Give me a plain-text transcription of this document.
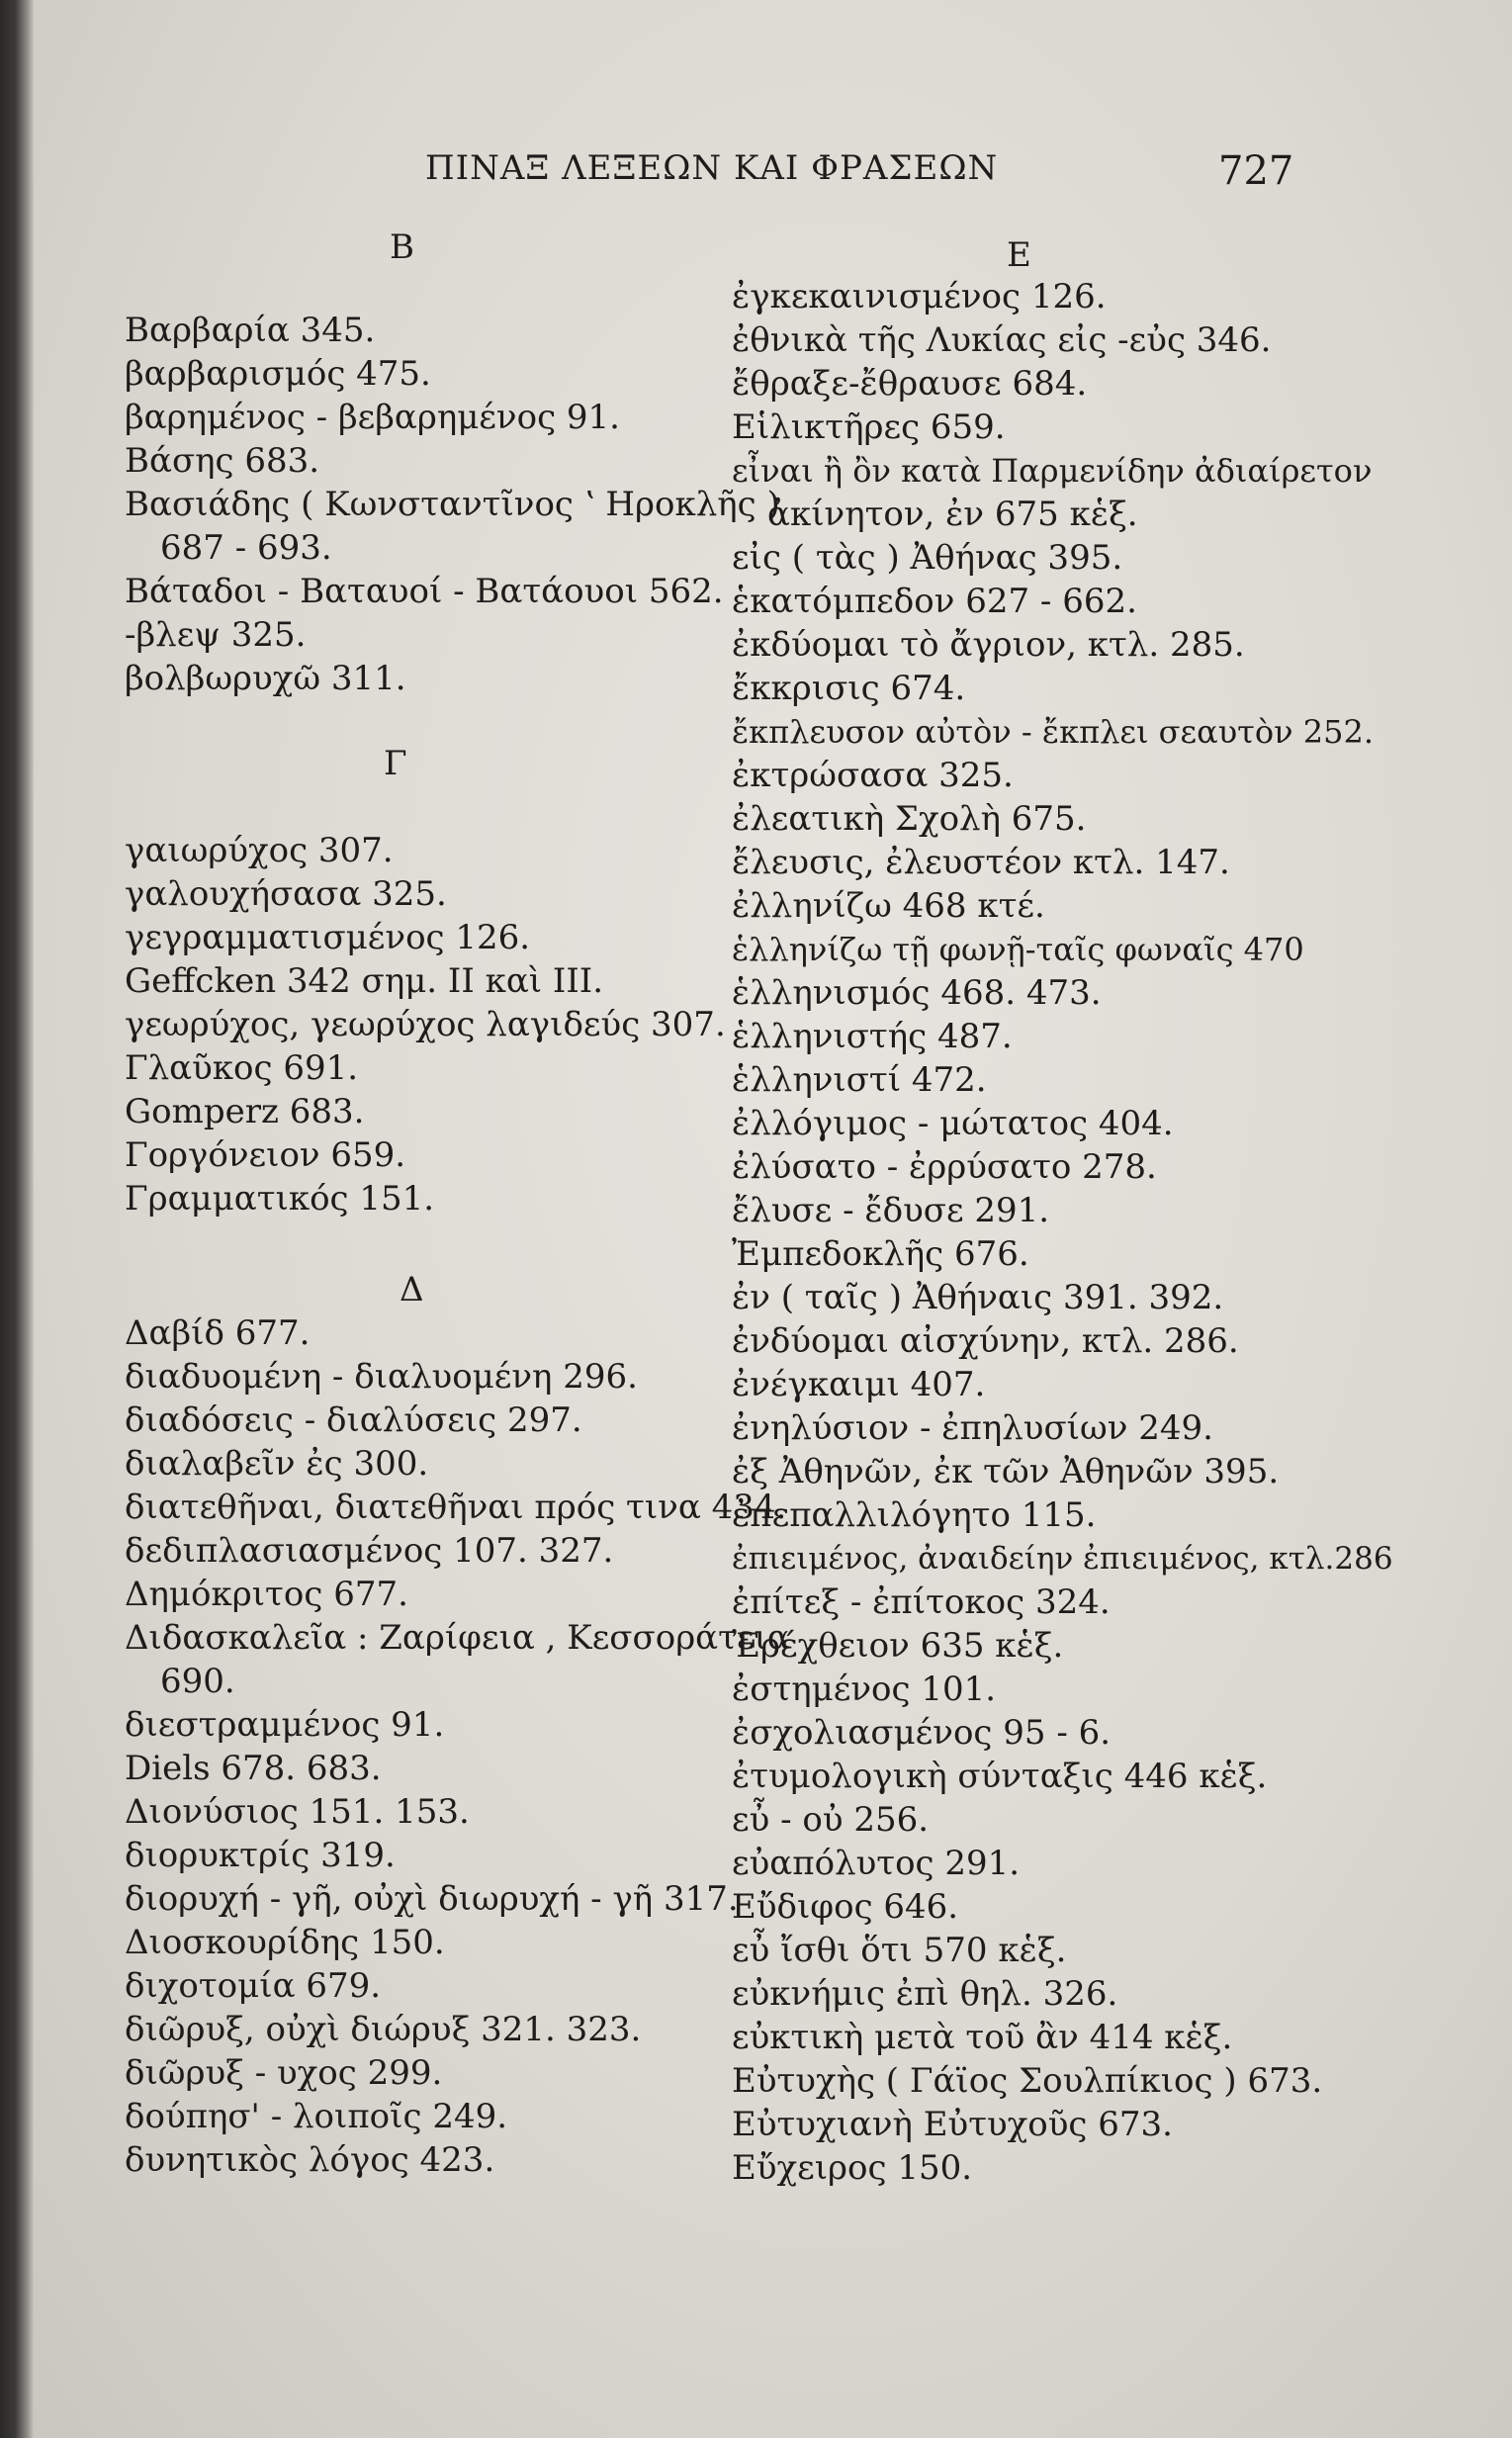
ΠΙΝΑΞ ΛΕΞΕΩΝ ΚΑΙ ΦΡΑΣΕΩΝ	727
Β
Βαρβαρία 345.
βαρβαρισμός 475.
βαρημένος - βεβαρημένος 91.
Βάσης 683.
Βασιάδης ( Κωνσταντῖνος ʽ Ηροκλῆς )
687 - 693.
Βάταδοι - Βαταυοί - Βατάουοι 562.
-βλεψ 325.
βολβωρυχῶ 311.
Γ
γαιωρύχος 307.
γαλουχήσασα 325.
γεγραμματισμένος 126.
Geffcken 342 σημ. II καὶ III.
γεωρύχος, γεωρύχος λαγιδεύς 307.
Γλαῦκος 691.
Gomperz 683.
Γοργόνειον 659.
Γραμματικός 151.
Δ
Δαβίδ 677.
διαδυομένη - διαλυομένη 296.
διαδόσεις - διαλύσεις 297.
διαλαβεῖν ἐς 300.
διατεθῆναι, διατεθῆναι πρός τινα 434.
δεδιπλασιασμένος 107. 327.
Δημόκριτος 677.
Διδασκαλεῖα : Ζαρίφεια , Κεσσοράτεια
690.
διεστραμμένος 91.
Diels 678. 683.
Διονύσιος 151. 153.
διορυκτρίς 319.
διορυχή - γῆ, οὐχὶ διωρυχή - γῆ 317.
Διοσκουρίδης 150.
διχοτομία 679.
διῶρυξ, οὐχὶ διώρυξ 321. 323.
διῶρυξ - υχος 299.
δούπησ' - λοιποῖς 249.
δυνητικὸς λόγος 423.
Ε
ἐγκεκαινισμένος 126.
ἐθνικὰ τῆς Λυκίας εἰς -εὐς 346.
ἔθραξε-ἔθραυσε 684.
Εἱλικτῆρες 659.
εἶναι ἢ ὂν κατὰ Παρμενίδην ἀδιαίρετον
ἀκίνητον, ἐν 675 κἑξ.
εἰς ( τὰς ) Ἀθήνας 395.
ἑκατόμπεδον 627 - 662.
ἐκδύομαι τὸ ἄγριον, κτλ. 285.
ἔκκρισις 674.
ἔκπλευσον αὐτὸν - ἔκπλει σεαυτὸν 252.
ἐκτρώσασα 325.
ἐλεατικὴ Σχολὴ 675.
ἔλευσις, ἐλευστέον κτλ. 147.
ἐλληνίζω 468 κτέ.
ἑλληνίζω τῇ φωνῇ-ταῖς φωναῖς 470
ἑλληνισμός 468. 473.
ἑλληνιστής 487.
ἑλληνιστί 472.
ἐλλόγιμος - μώτατος 404.
ἐλύσατο - ἐρρύσατο 278.
ἔλυσε - ἔδυσε 291.
Ἐμπεδοκλῆς 676.
ἐν ( ταῖς ) Ἀθήναις 391. 392.
ἐνδύομαι αἰσχύνην, κτλ. 286.
ἐνέγκαιμι 407.
ἐνηλύσιον - ἐπηλυσίων 249.
ἐξ Ἀθηνῶν, ἐκ τῶν Ἀθηνῶν 395.
ἐπεπαλλιλόγητο 115.
ἐπιειμένος, ἀναιδείην ἐπιειμένος, κτλ.286
ἐπίτεξ - ἐπίτοκος 324.
Ἐρέχθειον 635 κἑξ.
ἐστημένος 101.
ἐσχολιασμένος 95 - 6.
ἐτυμολογικὴ σύνταξις 446 κἑξ.
εὖ - οὐ 256.
εὐαπόλυτος 291.
Εὔδιφος 646.
εὖ ἴσθι ὅτι 570 κἑξ.
εὐκνήμις ἐπὶ θηλ. 326.
εὐκτικὴ μετὰ τοῦ ἂν 414 κἑξ.
Εὐτυχὴς ( Γάϊος Σουλπίκιος ) 673.
Εὐτυχιανὴ Εὐτυχοῦς 673.
Εὔχειρος 150.
